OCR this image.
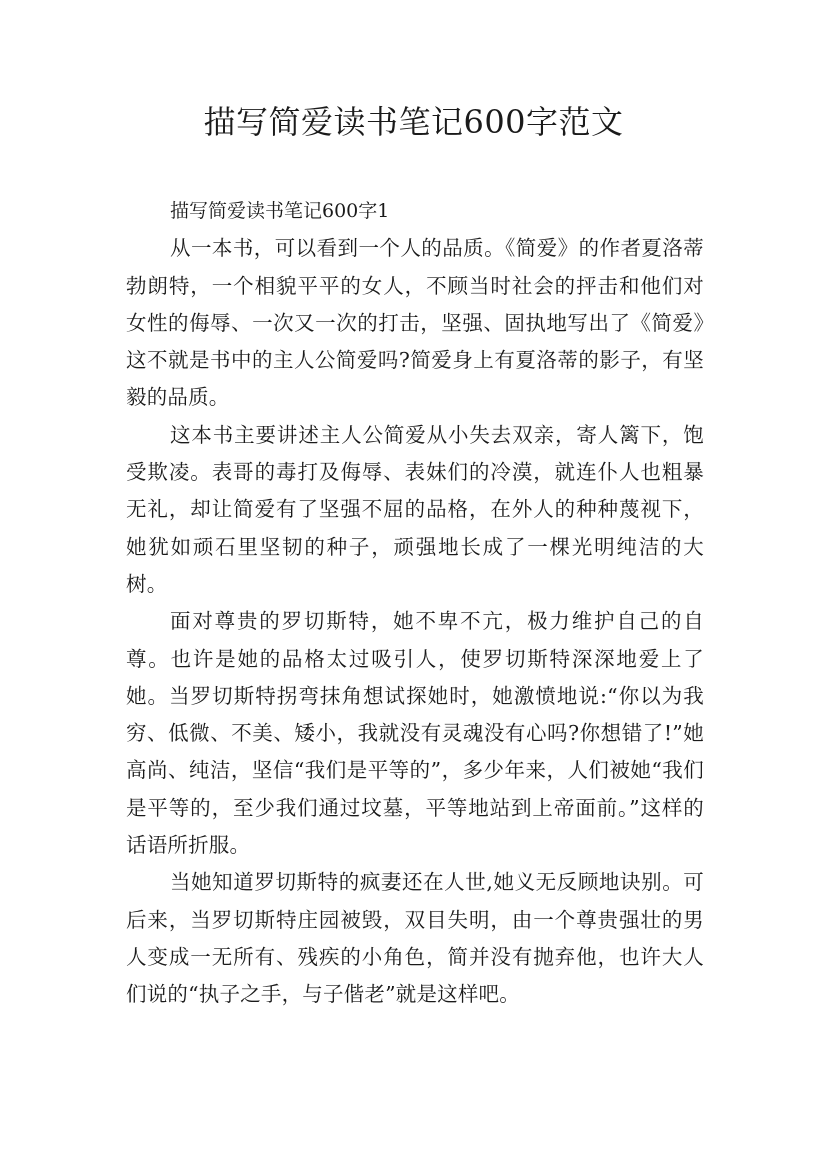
描写简爱读书笔记600字范文

描写简爱读书笔记600字1

从一本书，可以看到一个人的品质。《简爱》的作者夏洛蒂勃朗特，一个相貌平平的女人，不顾当时社会的抨击和他们对女性的侮辱、一次又一次的打击，坚强、固执地写出了《简爱》这不就是书中的主人公简爱吗?简爱身上有夏洛蒂的影子，有坚毅的品质。

这本书主要讲述主人公简爱从小失去双亲，寄人篱下，饱受欺凌。表哥的毒打及侮辱、表妹们的冷漠，就连仆人也粗暴无礼，却让简爱有了坚强不屈的品格，在外人的种种蔑视下，她犹如顽石里坚韧的种子，顽强地长成了一棵光明纯洁的大树。

面对尊贵的罗切斯特，她不卑不亢，极力维护自己的自尊。也许是她的品格太过吸引人，使罗切斯特深深地爱上了她。当罗切斯特拐弯抹角想试探她时，她激愤地说:“你以为我穷、低微、不美、矮小，我就没有灵魂没有心吗?你想错了!”她高尚、纯洁，坚信“我们是平等的”，多少年来，人们被她“我们是平等的，至少我们通过坟墓，平等地站到上帝面前。”这样的话语所折服。

当她知道罗切斯特的疯妻还在人世,她义无反顾地诀别。可后来，当罗切斯特庄园被毁，双目失明，由一个尊贵强壮的男人变成一无所有、残疾的小角色，简并没有抛弃他，也许大人们说的“执子之手，与子偕老”就是这样吧。
